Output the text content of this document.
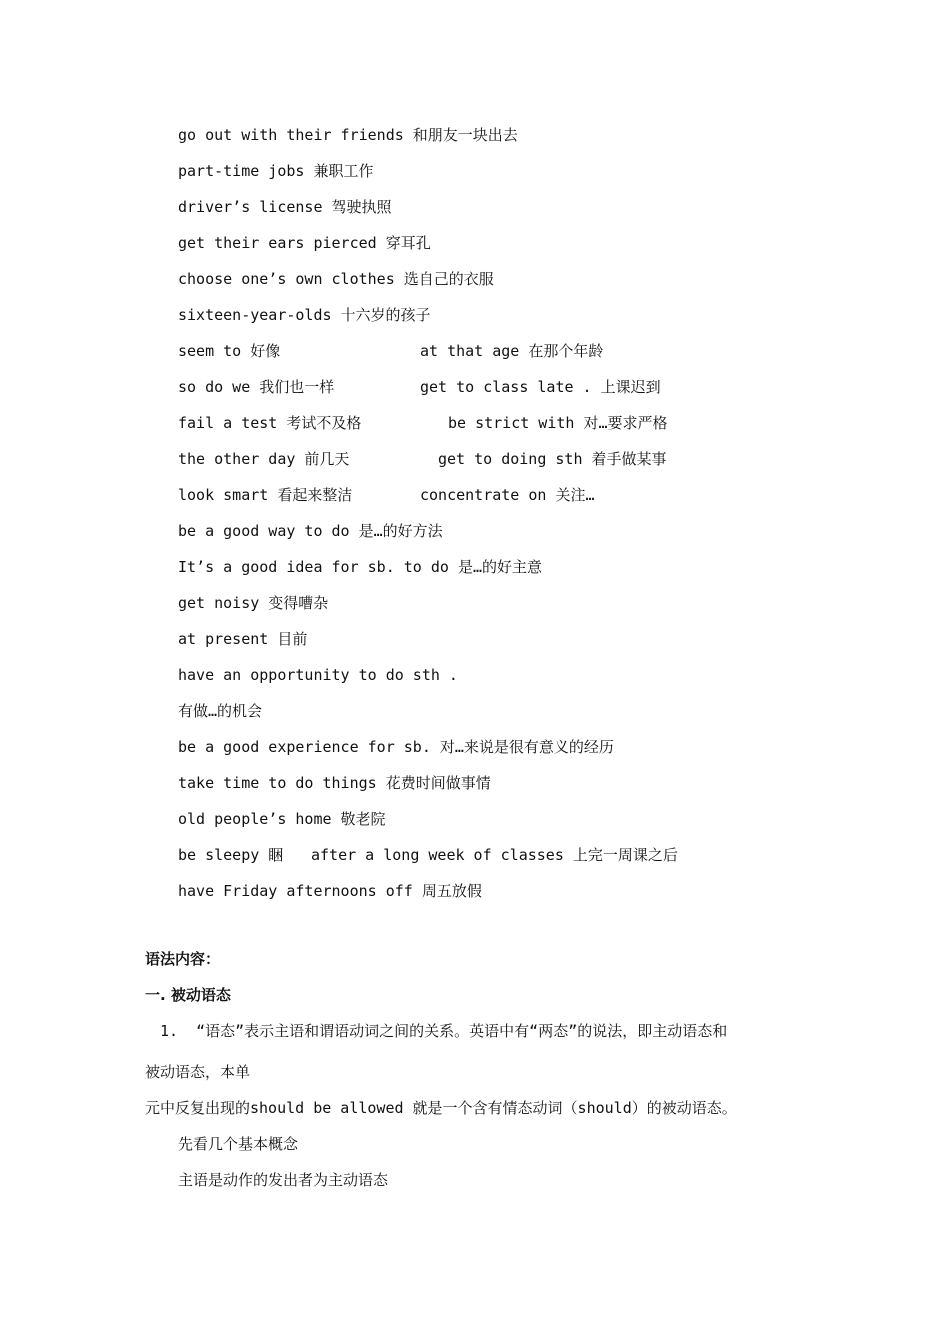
go out with their friends 和朋友一块出去
part-time jobs 兼职工作
driver’s license 驾驶执照
get their ears pierced 穿耳孔
choose one’s own clothes 选自己的衣服
sixteen-year-olds 十六岁的孩子
seem to 好像	at that age 在那个年龄
so do we 我们也一样	get to class late . 上课迟到
fail a test 考试不及格	be strict with 对…要求严格
the other day 前几天	get to doing sth 着手做某事
look smart 看起来整洁	concentrate on 关注…
be a good way to do 是…的好方法
It’s a good idea for sb. to do 是…的好主意
get noisy 变得嘈杂
at present 目前
have an opportunity to do sth .
有做…的机会
be a good experience for sb. 对…来说是很有意义的经历
take time to do things 花费时间做事情
old people’s home 敬老院
be sleepy 睏 after a long week of classes 上完一周课之后
have Friday afternoons off 周五放假
语法内容：
一. 被动语态
1.  “语态”表示主语和谓语动词之间的关系。英语中有“两态”的说法，即主动语态和
被动语态，本单
元中反复出现的should be allowed 就是一个含有情态动词（should）的被动语态。
先看几个基本概念
主语是动作的发出者为主动语态
